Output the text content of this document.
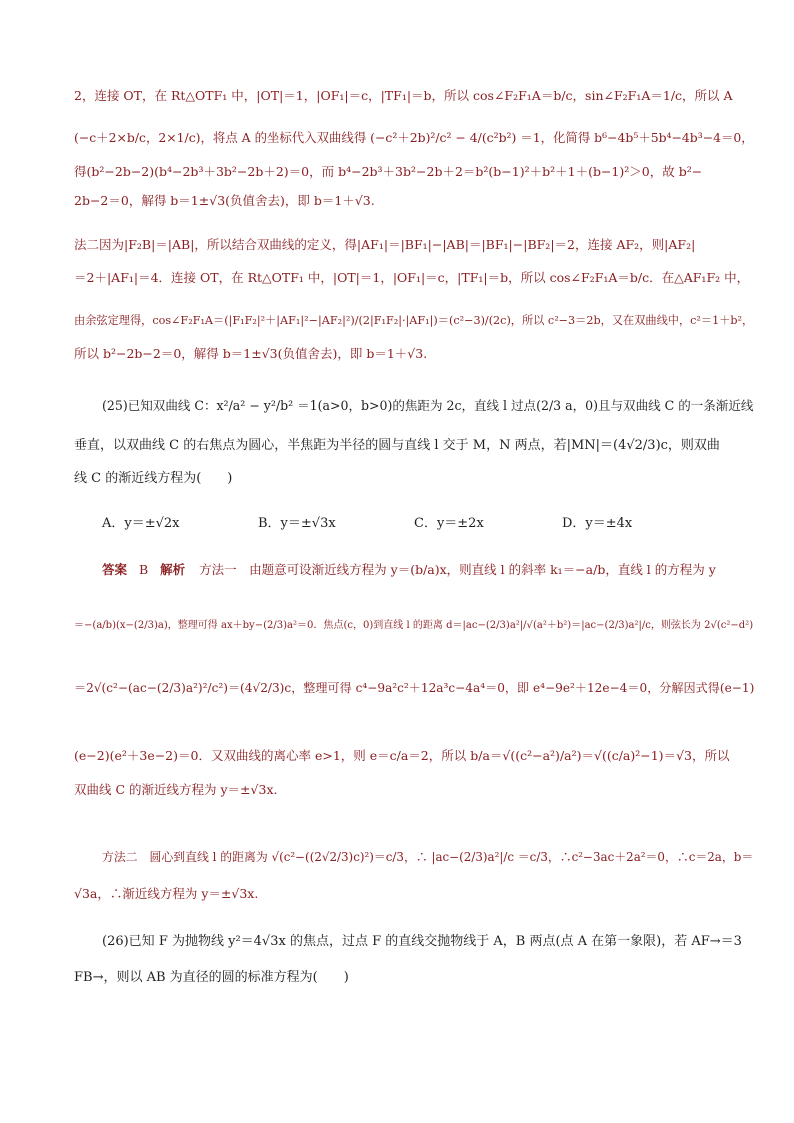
2，连接 OT，在 Rt△OTF₁ 中，|OT|＝1，|OF₁|＝c，|TF₁|＝b，所以 cos∠F₂F₁A＝b/c，sin∠F₂F₁A＝1/c，所以 A
(−c＋2×b/c，2×1/c)，将点 A 的坐标代入双曲线得 (−c²＋2b)²/c² − 4/(c²b²) ＝1，化简得 b⁶−4b⁵＋5b⁴−4b³−4＝0，
得(b²−2b−2)(b⁴−2b³＋3b²−2b＋2)＝0，而 b⁴−2b³＋3b²−2b＋2＝b²(b−1)²＋b²＋1＋(b−1)²＞0，故 b²−
2b−2＝0，解得 b＝1±√3(负值舍去)，即 b＝1＋√3.
法二因为|F₂B|＝|AB|，所以结合双曲线的定义，得|AF₁|＝|BF₁|−|AB|＝|BF₁|−|BF₂|＝2，连接 AF₂，则|AF₂|
＝2＋|AF₁|＝4．连接 OT，在 Rt△OTF₁ 中，|OT|＝1，|OF₁|＝c，|TF₁|＝b，所以 cos∠F₂F₁A＝b/c．在△AF₁F₂ 中，
由余弦定理得，cos∠F₂F₁A＝(|F₁F₂|²＋|AF₁|²−|AF₂|²)/(2|F₁F₂|·|AF₁|)＝(c²−3)/(2c)，所以 c²−3＝2b，又在双曲线中，c²＝1＋b²，
所以 b²−2b−2＝0，解得 b＝1±√3(负值舍去)，即 b＝1＋√3.
(25)已知双曲线 C：x²/a² − y²/b² ＝1(a>0，b>0)的焦距为 2c，直线 l 过点(2/3 a，0)且与双曲线 C 的一条渐近线
垂直，以双曲线 C 的右焦点为圆心，半焦距为半径的圆与直线 l 交于 M，N 两点，若|MN|＝(4√2/3)c，则双曲
线 C 的渐近线方程为(　　)
A．y＝±√2x	B．y＝±√3x	C．y＝±2x	D．y＝±4x
答案 B 解析 方法一　由题意可设渐近线方程为 y＝(b/a)x，则直线 l 的斜率 k₁＝−a/b，直线 l 的方程为 y
＝−(a/b)(x−(2/3)a)，整理可得 ax＋by−(2/3)a²＝0．焦点(c，0)到直线 l 的距离 d＝|ac−(2/3)a²|/√(a²＋b²)＝|ac−(2/3)a²|/c，则弦长为 2√(c²−d²)
＝2√(c²−(ac−(2/3)a²)²/c²)＝(4√2/3)c，整理可得 c⁴−9a²c²＋12a³c−4a⁴＝0，即 e⁴−9e²＋12e−4＝0，分解因式得(e−1)
(e−2)(e²＋3e−2)＝0．又双曲线的离心率 e>1，则 e＝c/a＝2，所以 b/a＝√((c²−a²)/a²)＝√((c/a)²−1)＝√3，所以
双曲线 C 的渐近线方程为 y＝±√3x.
方法二　圆心到直线 l 的距离为 √(c²−((2√2/3)c)²)＝c/3，∴ |ac−(2/3)a²|/c ＝c/3，∴c²−3ac＋2a²＝0，∴c＝2a，b＝
√3a，∴渐近线方程为 y＝±√3x.
(26)已知 F 为抛物线 y²＝4√3x 的焦点，过点 F 的直线交抛物线于 A，B 两点(点 A 在第一象限)，若 AF→＝3
FB→，则以 AB 为直径的圆的标准方程为(　　)
